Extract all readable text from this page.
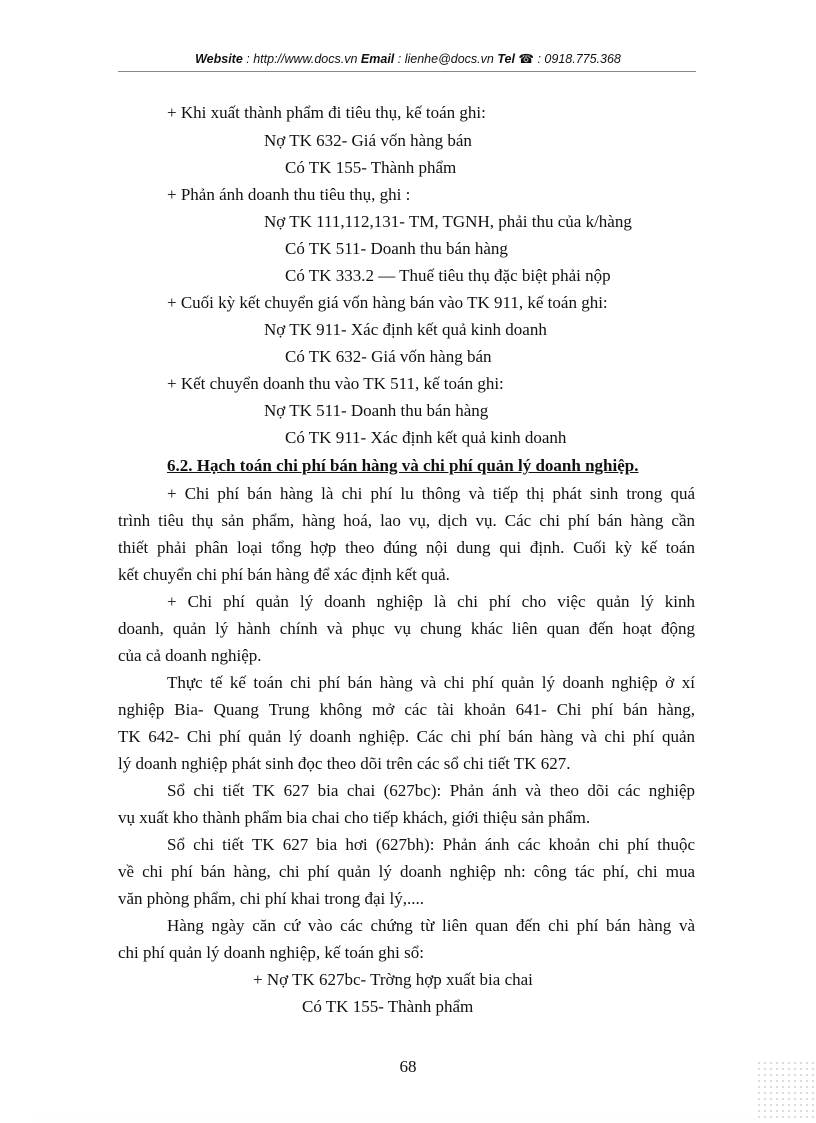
Website : http://www.docs.vn Email : lienhe@docs.vn Tel ☎ : 0918.775.368
+ Khi xuất thành phẩm đi tiêu thụ, kế toán ghi:
Nợ TK 632- Giá vốn hàng bán
Có TK 155- Thành phẩm
+ Phản ánh doanh thu tiêu thụ, ghi :
Nợ TK 111,112,131- TM, TGNH, phải thu của k/hàng
Có TK 511- Doanh thu bán hàng
Có TK 333.2 — Thuế tiêu thụ đặc biệt phải nộp
+ Cuối kỳ kết chuyển giá vốn hàng bán vào TK 911, kế toán ghi:
Nợ TK 911- Xác định kết quả kinh doanh
Có TK 632- Giá vốn hàng bán
+ Kết chuyển doanh thu vào TK 511, kế toán ghi:
Nợ TK 511- Doanh thu bán hàng
Có TK 911- Xác định kết quả kinh doanh
6.2. Hạch toán chi phí bán hàng và chi phí quản lý doanh nghiệp.
+ Chi phí bán hàng là chi phí lu thông và tiếp thị phát sinh trong quá
trình tiêu thụ sản phẩm, hàng hoá, lao vụ, dịch vụ. Các chi phí bán hàng cần
thiết phải phân loại tổng hợp theo đúng nội dung qui định. Cuối kỳ kế toán
kết chuyển chi phí bán hàng để xác định kết quả.
+ Chi phí quản lý doanh nghiệp là chi phí cho việc quản lý kinh
doanh, quản lý hành chính và phục vụ chung khác liên quan đến hoạt động
của cả doanh nghiệp.
Thực tế kế toán chi phí bán hàng và chi phí quản lý doanh nghiệp ở xí
nghiệp Bia- Quang Trung không mở các tài khoản 641- Chi phí bán hàng,
TK 642- Chi phí quản lý doanh nghiệp. Các chi phí bán hàng và chi phí quản
lý doanh nghiệp phát sinh đọc theo dõi trên các sổ chi tiết TK 627.
Sổ chi tiết TK 627 bia chai (627bc): Phản ánh và theo dõi các nghiệp
vụ xuất kho thành phẩm bia chai cho tiếp khách, giới thiệu sản phẩm.
Sổ chi tiết TK 627 bia hơi (627bh): Phản ánh các khoản chi phí thuộc
về chi phí bán hàng, chi phí quản lý doanh nghiệp nh: công tác phí, chi mua
văn phòng phẩm, chi phí khai trong đại lý,....
Hàng ngày căn cứ vào các chứng từ liên quan đến chi phí bán hàng và
chi phí quản lý doanh nghiệp, kế toán ghi sổ:
+ Nợ TK 627bc- Trờng hợp xuất bia chai
Có TK 155- Thành phẩm
68
